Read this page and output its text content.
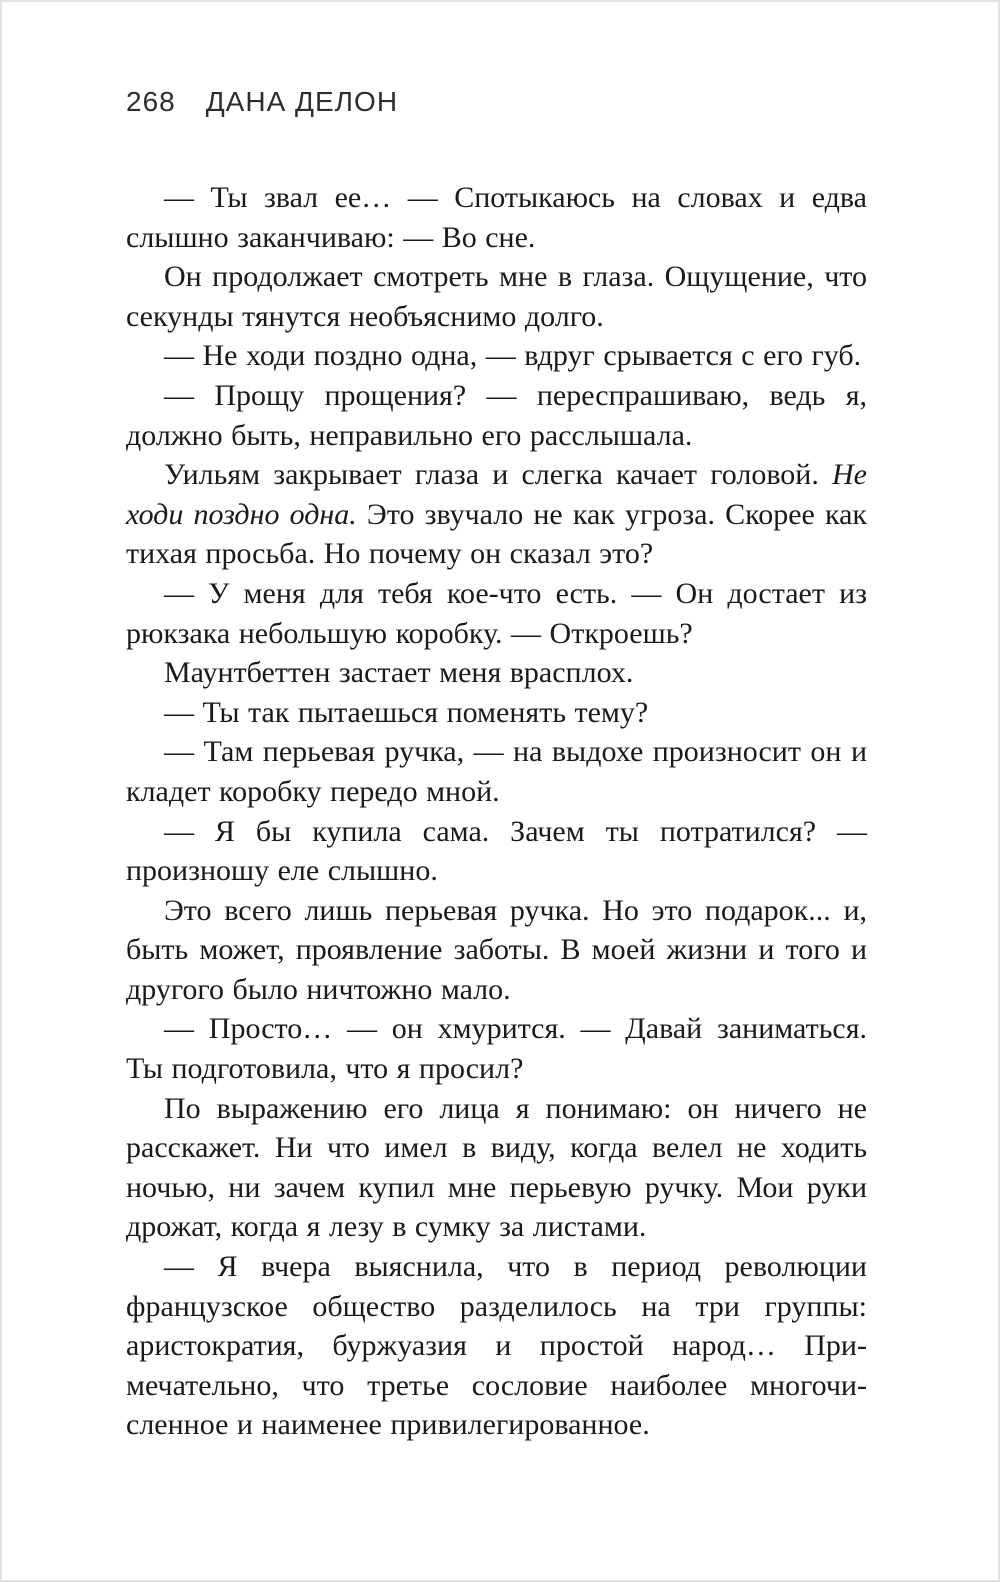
268 ДАНА ДЕЛОН

— Ты звал ее… — Спотыкаюсь на словах и едва слышно заканчиваю: — Во сне.

Он продолжает смотреть мне в глаза. Ощущение, что секунды тянутся необъяснимо долго.

— Не ходи поздно одна, — вдруг срывается с его губ.

— Прощу прощения? — переспрашиваю, ведь я, должно быть, неправильно его расслышала.

Уильям закрывает глаза и слегка качает головой. Не ходи поздно одна. Это звучало не как угроза. Скорее как тихая просьба. Но почему он сказал это?

— У меня для тебя кое-что есть. — Он достает из рюкзака небольшую коробку. — Откроешь?

Маунтбеттен застает меня врасплох.

— Ты так пытаешься поменять тему?

— Там перьевая ручка, — на выдохе произносит он и кладет коробку передо мной.

— Я бы купила сама. Зачем ты потратился? — произношу еле слышно.

Это всего лишь перьевая ручка. Но это подарок... и, быть может, проявление заботы. В моей жизни и того и другого было ничтожно мало.

— Просто… — он хмурится. — Давай заниматься. Ты подготовила, что я просил?

По выражению его лица я понимаю: он ничего не расскажет. Ни что имел в виду, когда велел не ходить ночью, ни зачем купил мне перьевую ручку. Мои руки дрожат, когда я лезу в сумку за листами.

— Я вчера выяснила, что в период революции французское общество разделилось на три группы: аристократия, буржуазия и простой народ… Примечательно, что третье сословие наиболее многочисленное и наименее привилегированное.
